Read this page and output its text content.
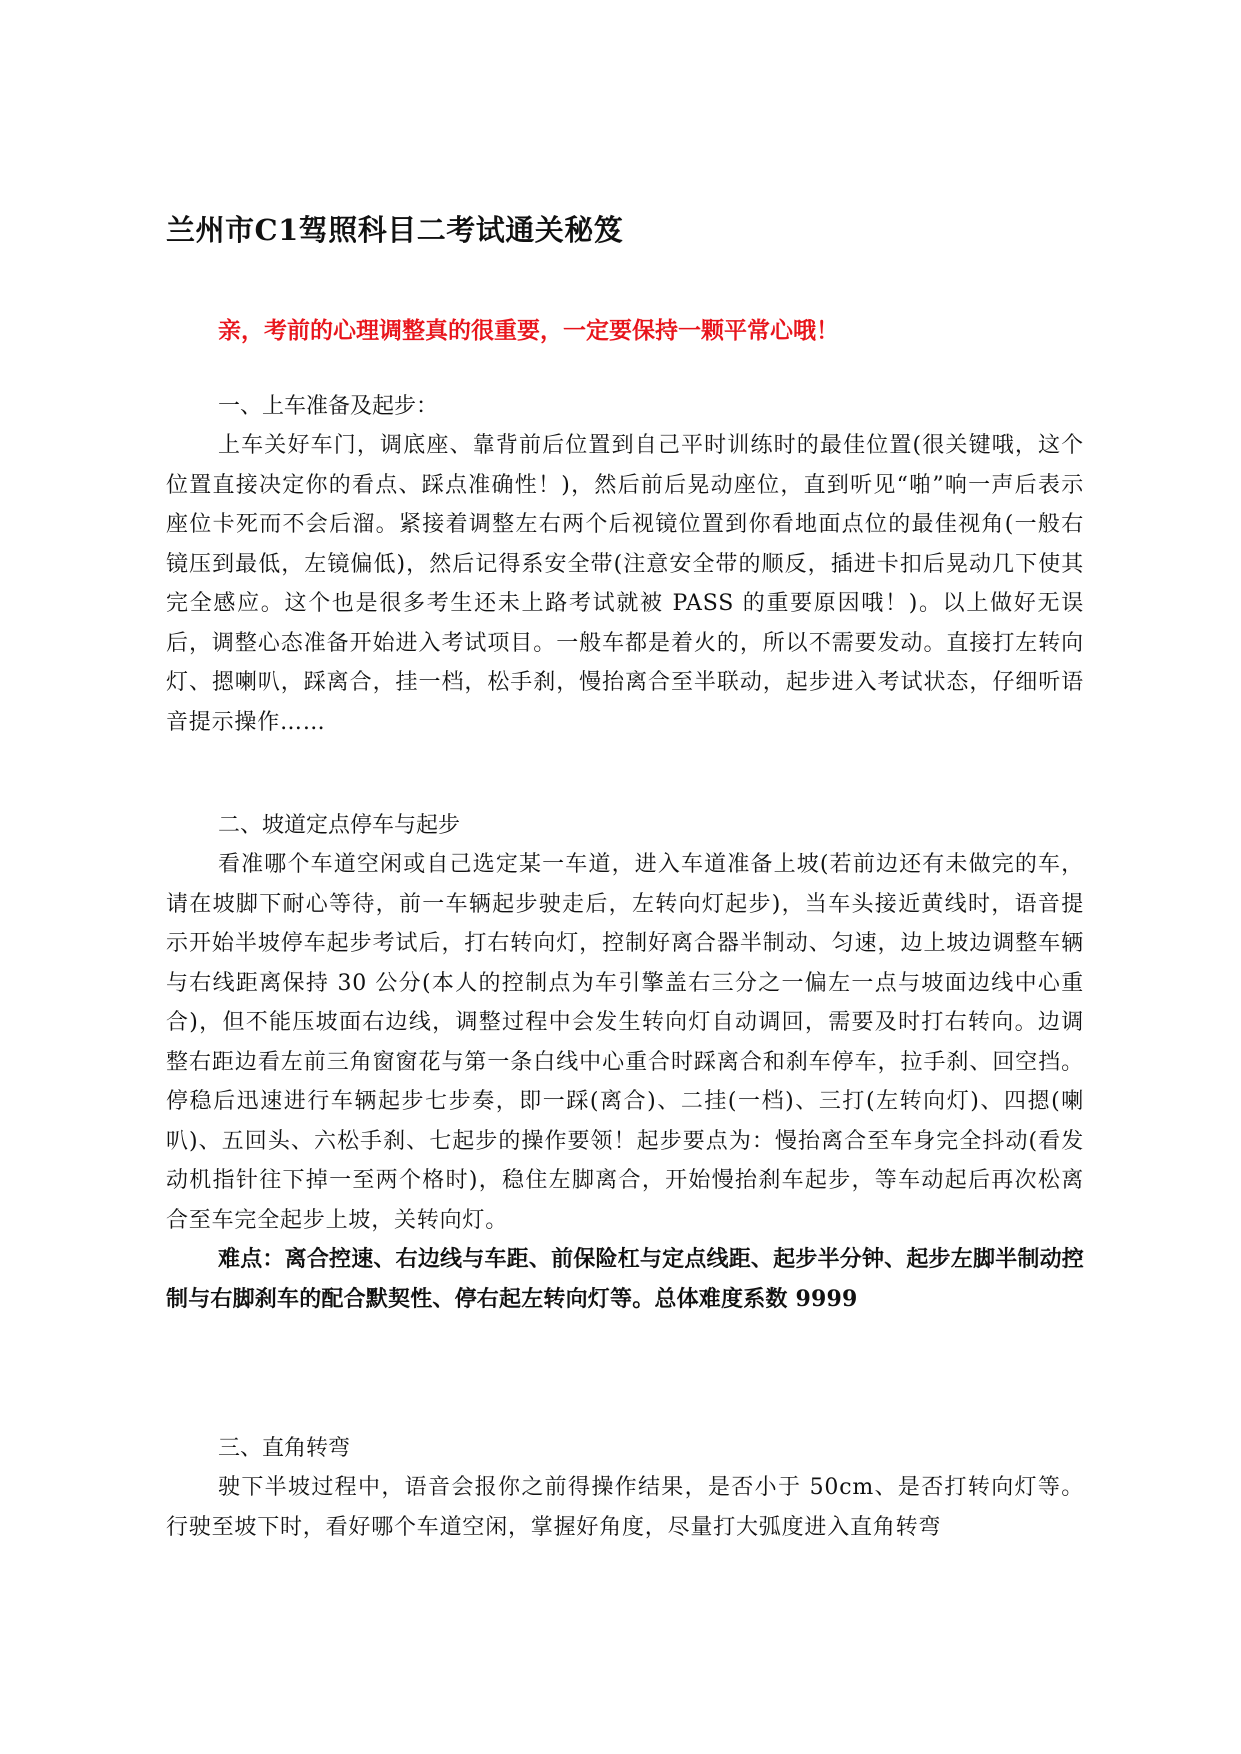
兰州市C1驾照科目二考试通关秘笈
亲，考前的心理调整真的很重要，一定要保持一颗平常心哦！
一、上车准备及起步：

上车关好车门，调底座、靠背前后位置到自己平时训练时的最佳位置(很关键哦，这个位置直接决定你的看点、踩点准确性！)，然后前后晃动座位，直到听见“啪”响一声后表示座位卡死而不会后溜。紧接着调整左右两个后视镜位置到你看地面点位的最佳视角(一般右镜压到最低，左镜偏低)，然后记得系安全带(注意安全带的顺反，插进卡扣后晃动几下使其完全感应。这个也是很多考生还未上路考试就被 PASS 的重要原因哦！)。以上做好无误后，调整心态准备开始进入考试项目。一般车都是着火的，所以不需要发动。直接打左转向灯、摁喇叭，踩离合，挂一档，松手刹，慢抬离合至半联动，起步进入考试状态，仔细听语音提示操作……

二、坡道定点停车与起步

看准哪个车道空闲或自己选定某一车道，进入车道准备上坡(若前边还有未做完的车，请在坡脚下耐心等待，前一车辆起步驶走后，左转向灯起步)，当车头接近黄线时，语音提示开始半坡停车起步考试后，打右转向灯，控制好离合器半制动、匀速，边上坡边调整车辆与右线距离保持 30 公分(本人的控制点为车引擎盖右三分之一偏左一点与坡面边线中心重合)，但不能压坡面右边线，调整过程中会发生转向灯自动调回，需要及时打右转向。边调整右距边看左前三角窗窗花与第一条白线中心重合时踩离合和刹车停车，拉手刹、回空挡。停稳后迅速进行车辆起步七步奏，即一踩(离合)、二挂(一档)、三打(左转向灯)、四摁(喇叭)、五回头、六松手刹、七起步的操作要领！起步要点为：慢抬离合至车身完全抖动(看发动机指针往下掉一至两个格时)，稳住左脚离合，开始慢抬刹车起步，等车动起后再次松离合至车完全起步上坡，关转向灯。

难点：离合控速、右边线与车距、前保险杠与定点线距、起步半分钟、起步左脚半制动控制与右脚刹车的配合默契性、停右起左转向灯等。总体难度系数 9999

三、直角转弯

驶下半坡过程中，语音会报你之前得操作结果，是否小于 50cm、是否打转向灯等。行驶至坡下时，看好哪个车道空闲，掌握好角度，尽量打大弧度进入直角转弯
